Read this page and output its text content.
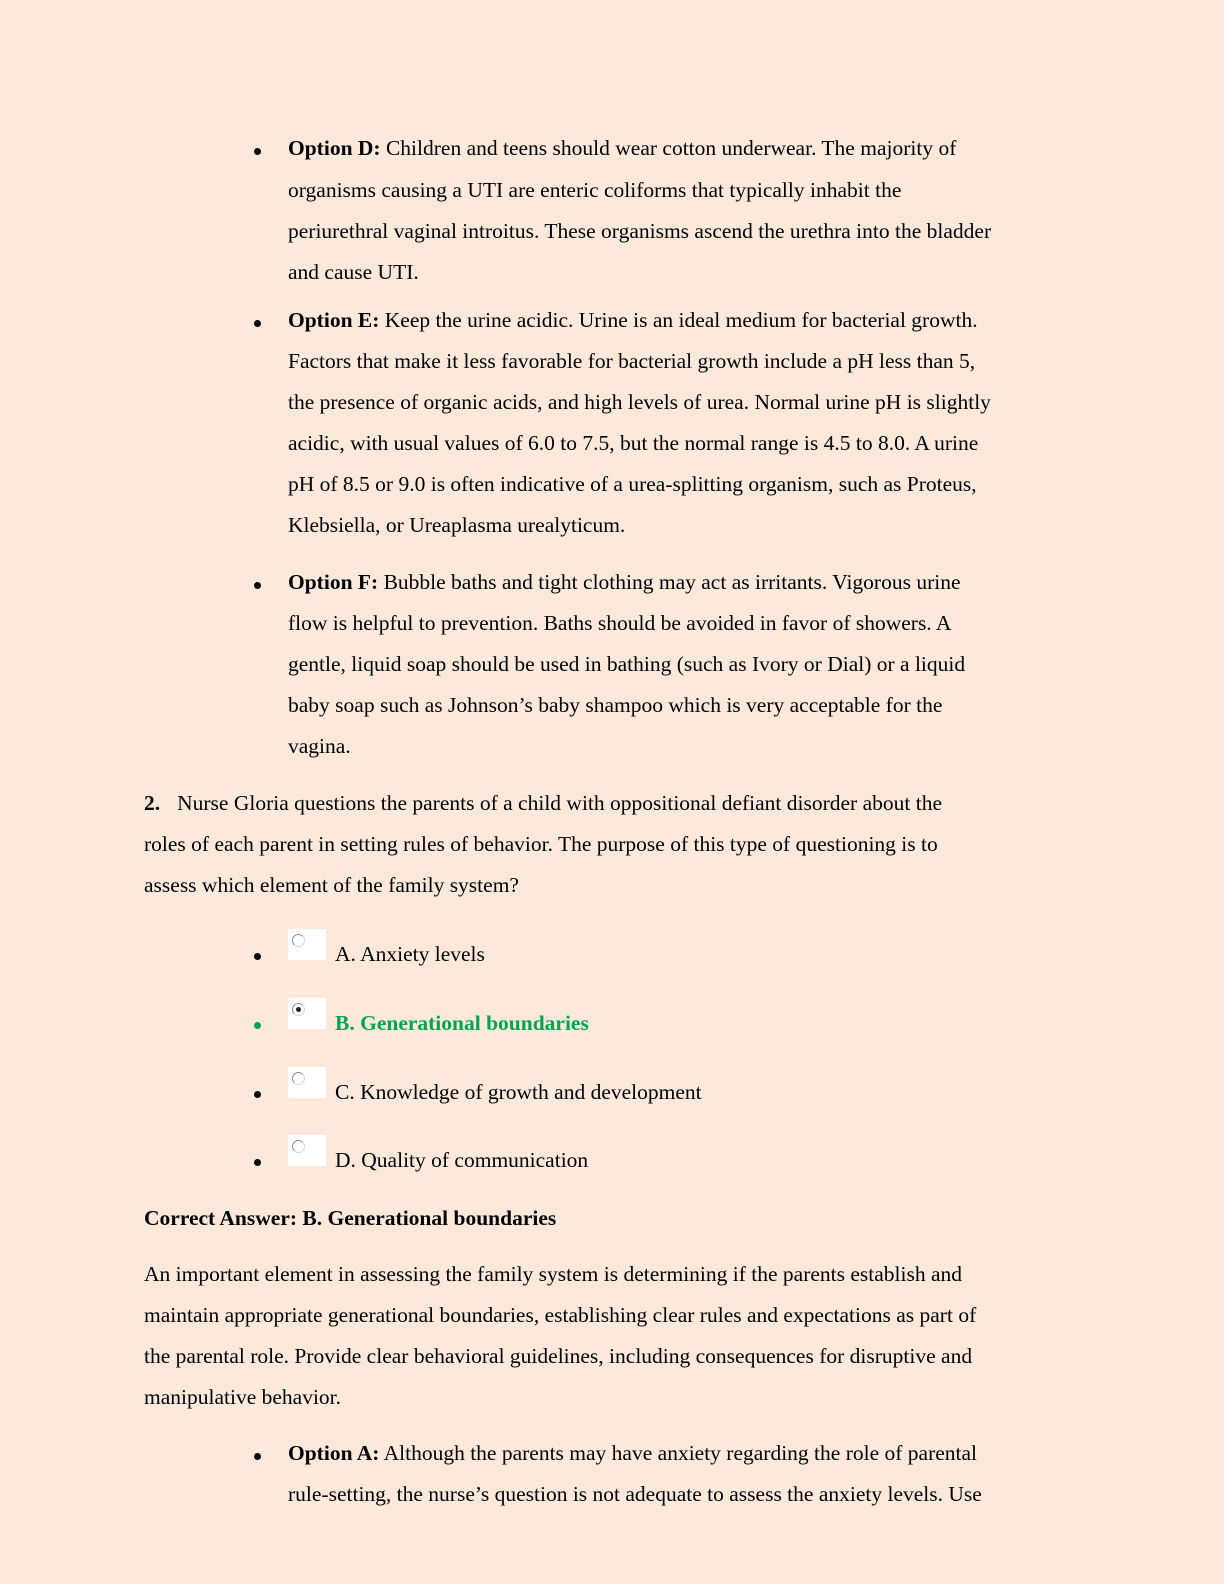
Option D: Children and teens should wear cotton underwear. The majority of
organisms causing a UTI are enteric coliforms that typically inhabit the
periurethral vaginal introitus. These organisms ascend the urethra into the bladder
and cause UTI.
Option E: Keep the urine acidic. Urine is an ideal medium for bacterial growth.
Factors that make it less favorable for bacterial growth include a pH less than 5,
the presence of organic acids, and high levels of urea. Normal urine pH is slightly
acidic, with usual values of 6.0 to 7.5, but the normal range is 4.5 to 8.0. A urine
pH of 8.5 or 9.0 is often indicative of a urea-splitting organism, such as Proteus,
Klebsiella, or Ureaplasma urealyticum.
Option F: Bubble baths and tight clothing may act as irritants. Vigorous urine
flow is helpful to prevention. Baths should be avoided in favor of showers. A
gentle, liquid soap should be used in bathing (such as Ivory or Dial) or a liquid
baby soap such as Johnson’s baby shampoo which is very acceptable for the
vagina.
2. Nurse Gloria questions the parents of a child with oppositional defiant disorder about the
roles of each parent in setting rules of behavior. The purpose of this type of questioning is to
assess which element of the family system?
A. Anxiety levels
B. Generational boundaries
C. Knowledge of growth and development
D. Quality of communication
Correct Answer: B. Generational boundaries
An important element in assessing the family system is determining if the parents establish and
maintain appropriate generational boundaries, establishing clear rules and expectations as part of
the parental role. Provide clear behavioral guidelines, including consequences for disruptive and
manipulative behavior.
Option A: Although the parents may have anxiety regarding the role of parental
rule-setting, the nurse’s question is not adequate to assess the anxiety levels. Use
